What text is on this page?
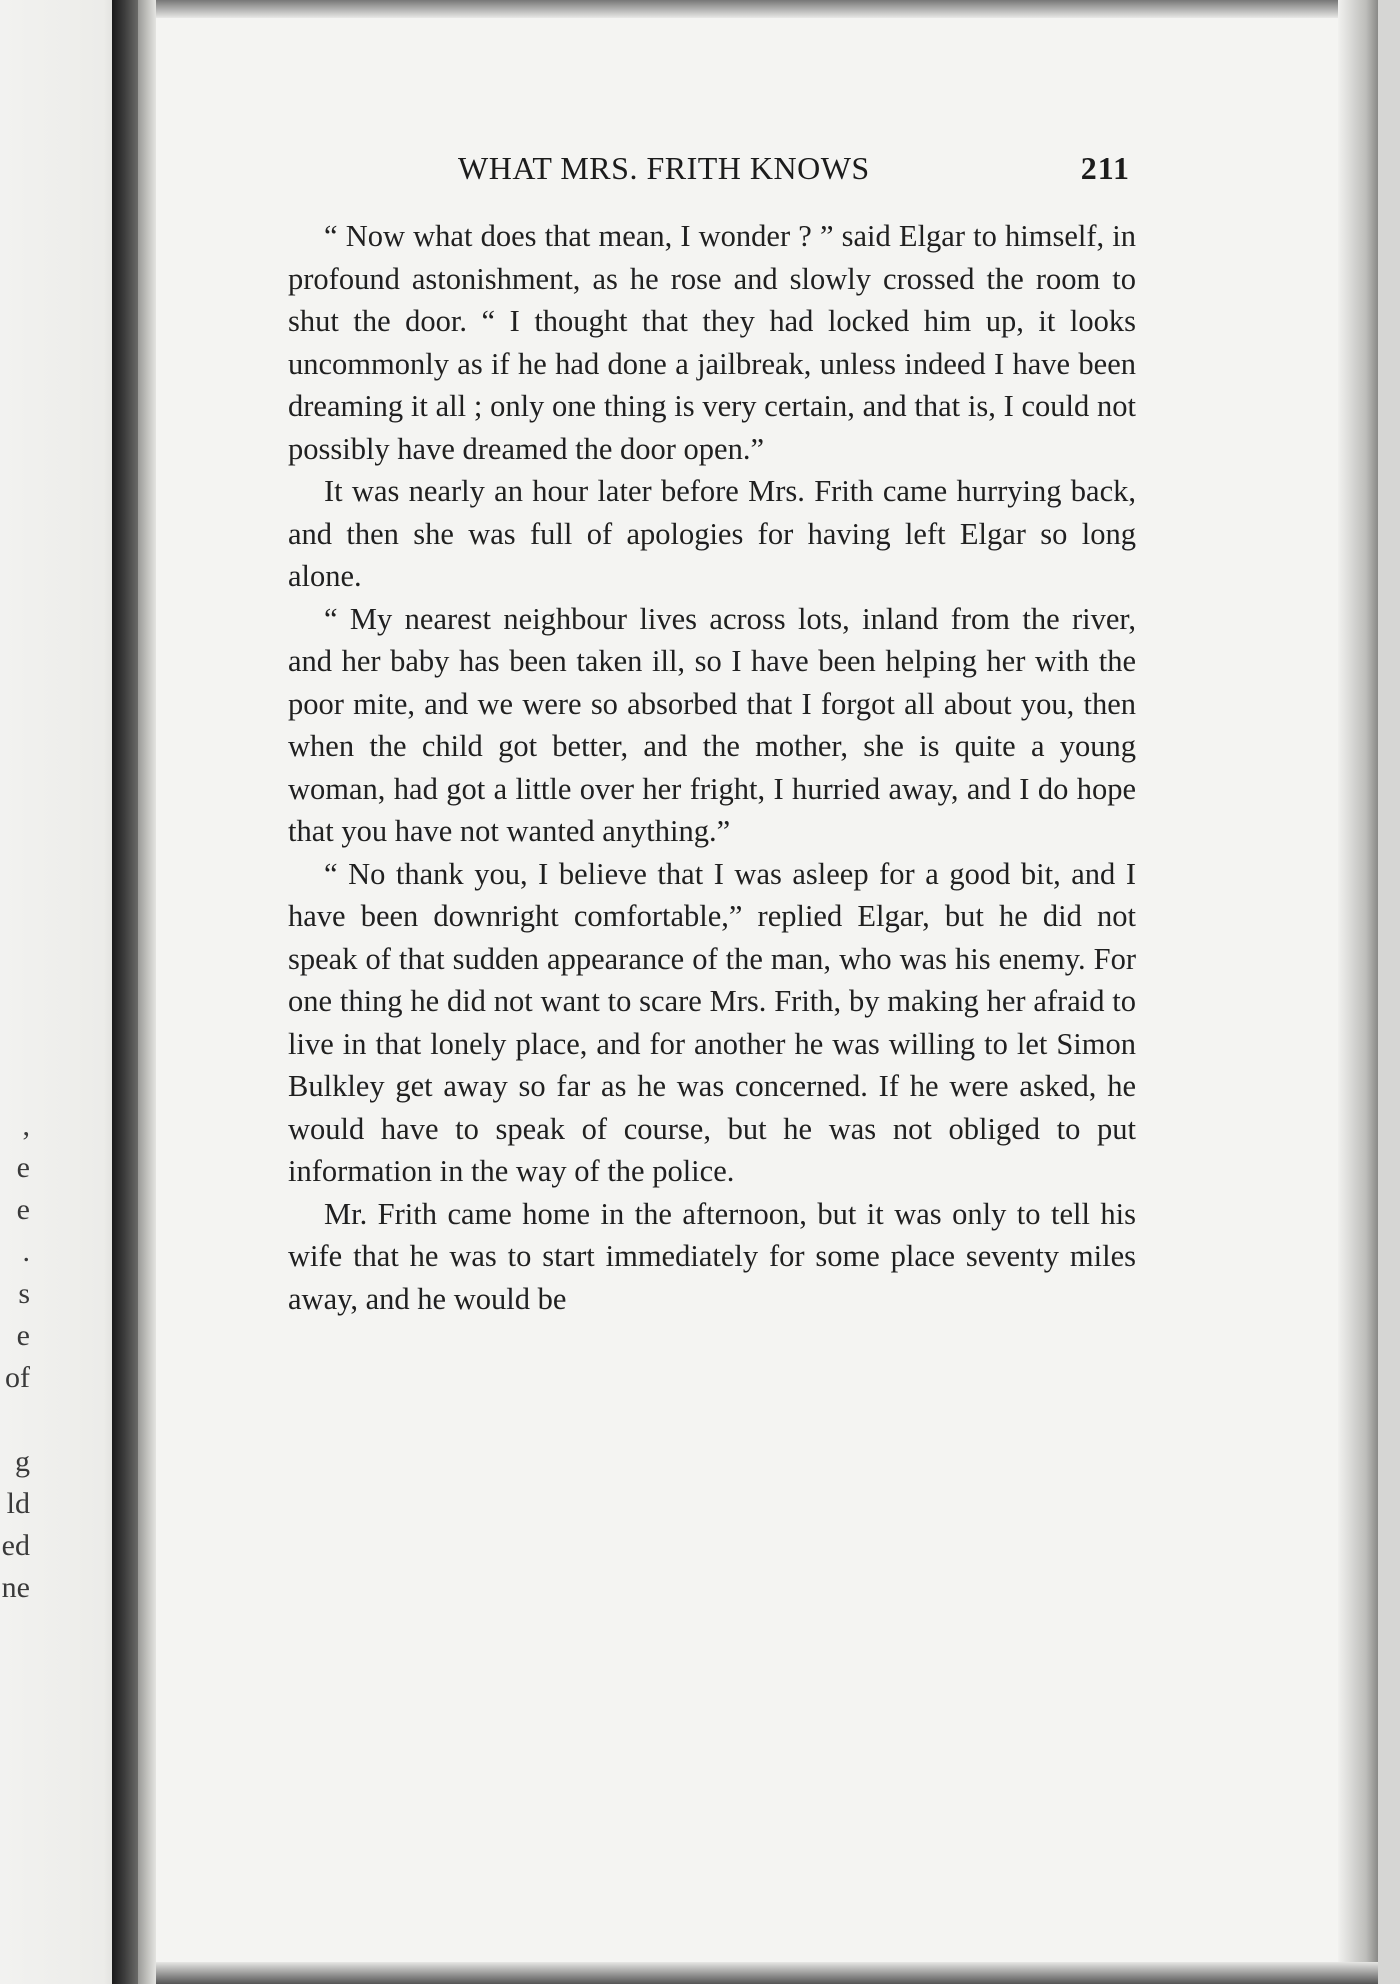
,
e
e
.
s
e
of

g
ld
ed
ne
WHAT MRS. FRITH KNOWS	211

“ Now what does that mean, I wonder ? ” said Elgar to himself, in profound astonishment, as he rose and slowly crossed the room to shut the door. “ I thought that they had locked him up, it looks uncommonly as if he had done a jailbreak, unless indeed I have been dreaming it all ; only one thing is very certain, and that is, I could not possibly have dreamed the door open.”

It was nearly an hour later before Mrs. Frith came hurrying back, and then she was full of apologies for having left Elgar so long alone.

“ My nearest neighbour lives across lots, inland from the river, and her baby has been taken ill, so I have been helping her with the poor mite, and we were so absorbed that I forgot all about you, then when the child got better, and the mother, she is quite a young woman, had got a little over her fright, I hurried away, and I do hope that you have not wanted anything.”

“ No thank you, I believe that I was asleep for a good bit, and I have been downright comfortable,” replied Elgar, but he did not speak of that sudden appearance of the man, who was his enemy. For one thing he did not want to scare Mrs. Frith, by making her afraid to live in that lonely place, and for another he was willing to let Simon Bulkley get away so far as he was concerned. If he were asked, he would have to speak of course, but he was not obliged to put information in the way of the police.

Mr. Frith came home in the afternoon, but it was only to tell his wife that he was to start immediately for some place seventy miles away, and he would be
